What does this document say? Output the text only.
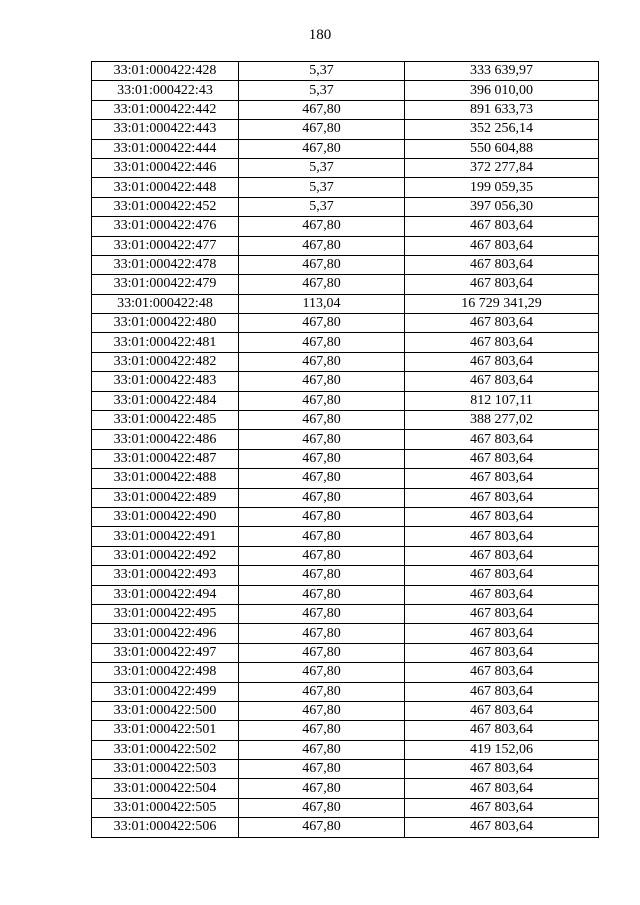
180
33:01:000422:428	5,37	333 639,97
33:01:000422:43	5,37	396 010,00
33:01:000422:442	467,80	891 633,73
33:01:000422:443	467,80	352 256,14
33:01:000422:444	467,80	550 604,88
33:01:000422:446	5,37	372 277,84
33:01:000422:448	5,37	199 059,35
33:01:000422:452	5,37	397 056,30
33:01:000422:476	467,80	467 803,64
33:01:000422:477	467,80	467 803,64
33:01:000422:478	467,80	467 803,64
33:01:000422:479	467,80	467 803,64
33:01:000422:48	113,04	16 729 341,29
33:01:000422:480	467,80	467 803,64
33:01:000422:481	467,80	467 803,64
33:01:000422:482	467,80	467 803,64
33:01:000422:483	467,80	467 803,64
33:01:000422:484	467,80	812 107,11
33:01:000422:485	467,80	388 277,02
33:01:000422:486	467,80	467 803,64
33:01:000422:487	467,80	467 803,64
33:01:000422:488	467,80	467 803,64
33:01:000422:489	467,80	467 803,64
33:01:000422:490	467,80	467 803,64
33:01:000422:491	467,80	467 803,64
33:01:000422:492	467,80	467 803,64
33:01:000422:493	467,80	467 803,64
33:01:000422:494	467,80	467 803,64
33:01:000422:495	467,80	467 803,64
33:01:000422:496	467,80	467 803,64
33:01:000422:497	467,80	467 803,64
33:01:000422:498	467,80	467 803,64
33:01:000422:499	467,80	467 803,64
33:01:000422:500	467,80	467 803,64
33:01:000422:501	467,80	467 803,64
33:01:000422:502	467,80	419 152,06
33:01:000422:503	467,80	467 803,64
33:01:000422:504	467,80	467 803,64
33:01:000422:505	467,80	467 803,64
33:01:000422:506	467,80	467 803,64
